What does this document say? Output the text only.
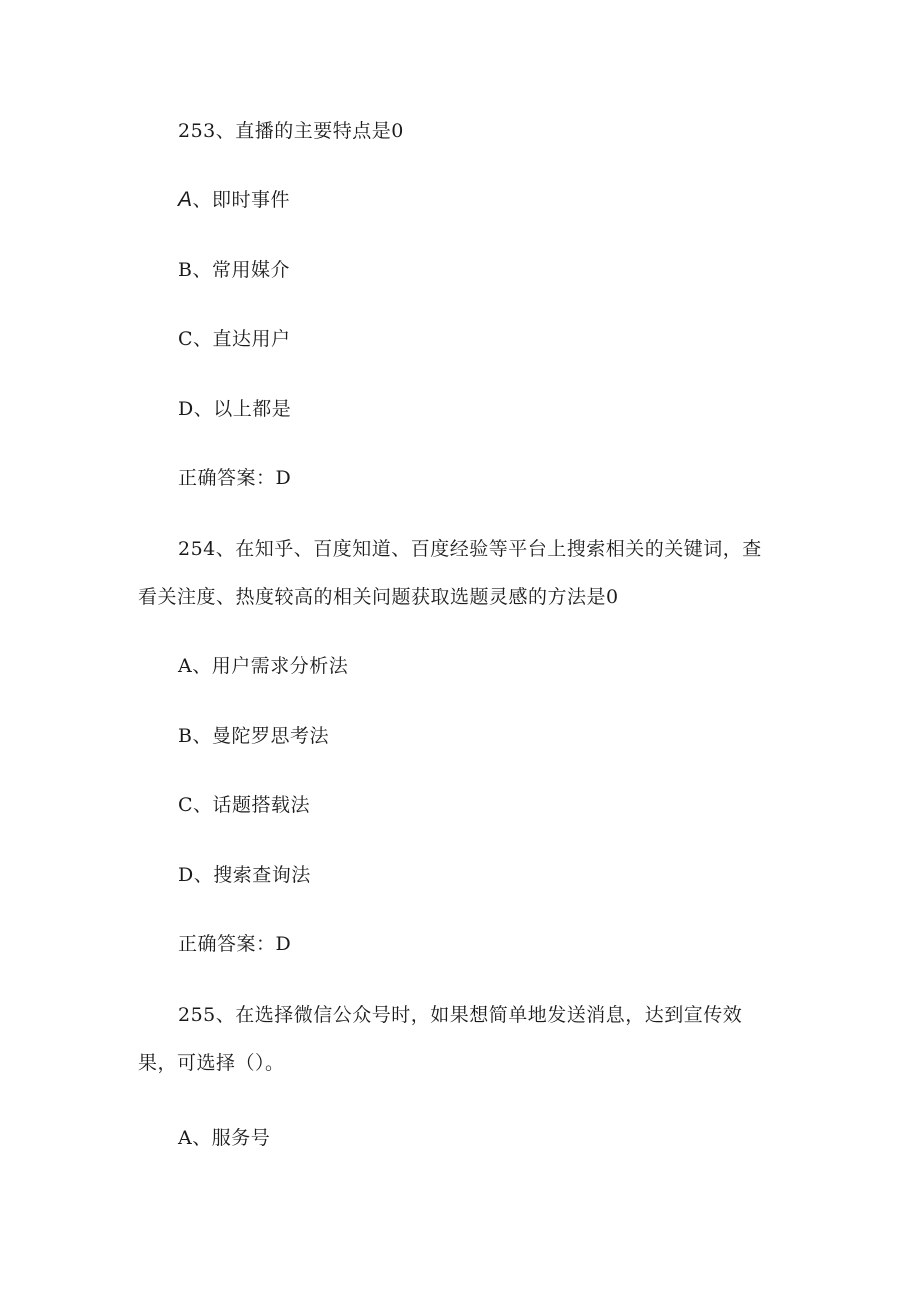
253、直播的主要特点是0
A、即时事件
B、常用媒介
C、直达用户
D、以上都是
正确答案：D
254、在知乎、百度知道、百度经验等平台上搜索相关的关键词，查
看关注度、热度较高的相关问题获取选题灵感的方法是0
A、用户需求分析法
B、曼陀罗思考法
C、话题搭载法
D、搜索查询法
正确答案：D
255、在选择微信公众号时，如果想简单地发送消息，达到宣传效
果，可选择（）。
A、服务号
